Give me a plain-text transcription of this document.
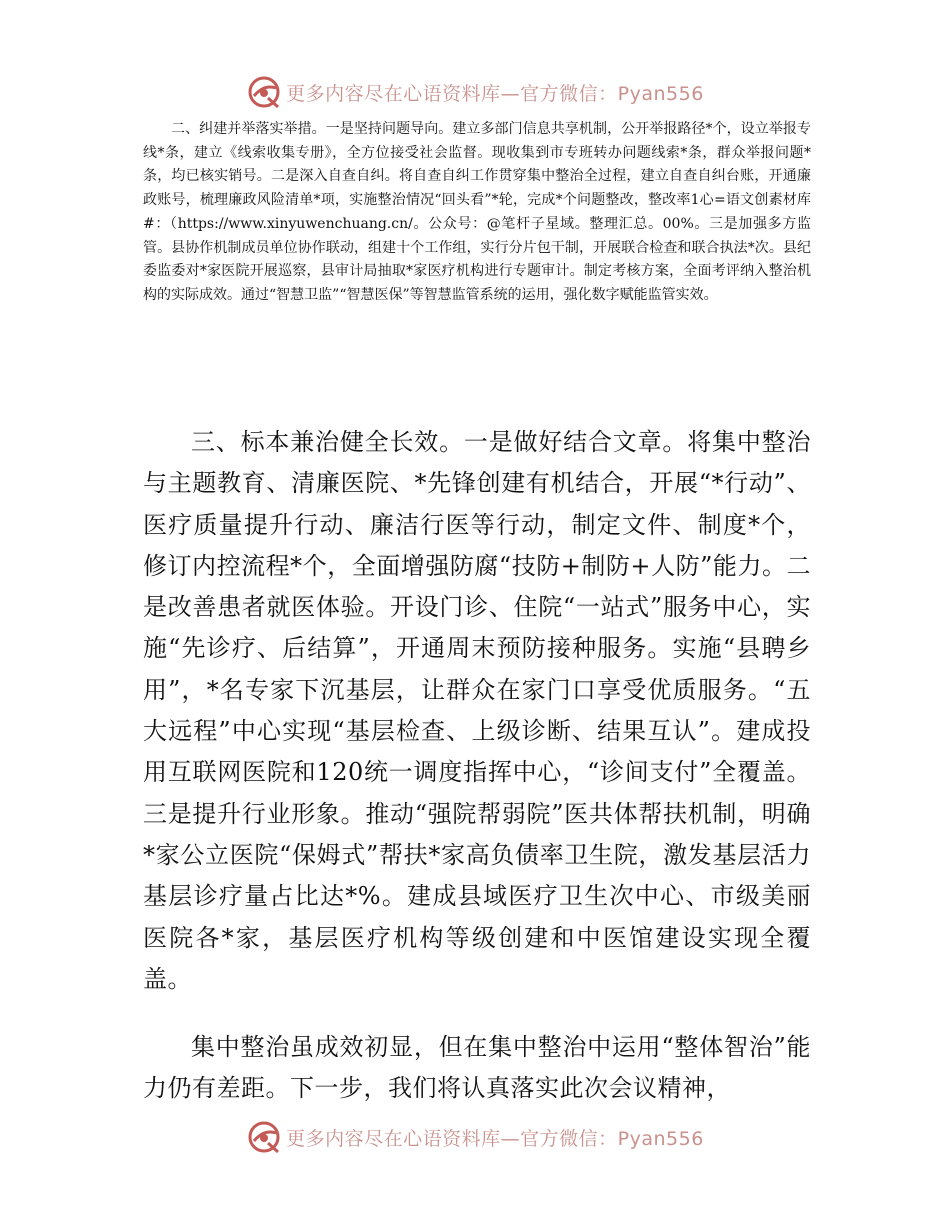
更多内容尽在心语资料库—官方微信：Pyan556

二、纠建并举落实举措。一是坚持问题导向。建立多部门信息共享机制，公开举报路径*个，设立举报专线*条，建立《线索收集专册》，全方位接受社会监督。现收集到市专班转办问题线索*条，群众举报问题*条，均已核实销号。二是深入自查自纠。将自查自纠工作贯穿集中整治全过程，建立自查自纠台账，开通廉政账号，梳理廉政风险清单*项，实施整治情况“回头看”*轮，完成*个问题整改，整改率1心=语文创素材库#：（https://www.xinyuwenchuang.cn/。公众号：@笔杆子星域。整理汇总。00%。三是加强多方监管。县协作机制成员单位协作联动，组建十个工作组，实行分片包干制，开展联合检查和联合执法*次。县纪委监委对*家医院开展巡察，县审计局抽取*家医疗机构进行专题审计。制定考核方案，全面考评纳入整治机构的实际成效。通过“智慧卫监”“智慧医保”等智慧监管系统的运用，强化数字赋能监管实效。

三、标本兼治健全长效。一是做好结合文章。将集中整治与主题教育、清廉医院、*先锋创建有机结合，开展“*行动”、医疗质量提升行动、廉洁行医等行动，制定文件、制度*个，修订内控流程*个，全面增强防腐“技防+制防+人防”能力。二是改善患者就医体验。开设门诊、住院“一站式”服务中心，实施“先诊疗、后结算”，开通周末预防接种服务。实施“县聘乡用”，*名专家下沉基层，让群众在家门口享受优质服务。“五大远程”中心实现“基层检查、上级诊断、结果互认”。建成投用互联网医院和120统一调度指挥中心，“诊间支付”全覆盖。三是提升行业形象。推动“强院帮弱院”医共体帮扶机制，明确*家公立医院“保姆式”帮扶*家高负债率卫生院，激发基层活力基层诊疗量占比达*%。建成县域医疗卫生次中心、市级美丽医院各*家，基层医疗机构等级创建和中医馆建设实现全覆盖。

集中整治虽成效初显，但在集中整治中运用“整体智治”能力仍有差距。下一步，我们将认真落实此次会议精神，

更多内容尽在心语资料库—官方微信：Pyan556
